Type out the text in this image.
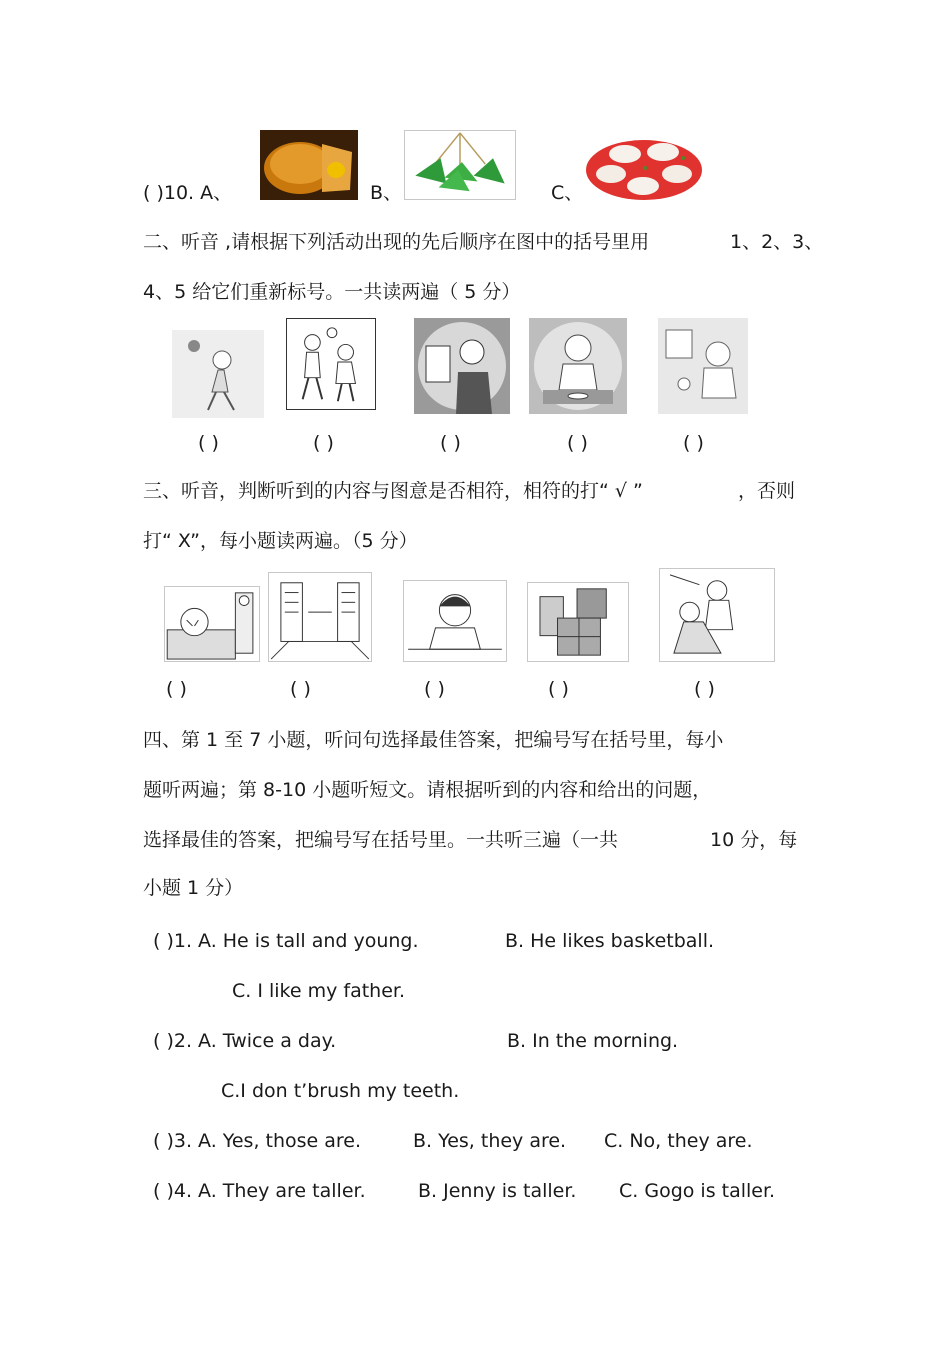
( )10. A、	B、	C、
二、听音 ,请根据下列活动出现的先后顺序在图中的括号里用	1、2、3、
4、5 给它们重新标号。一共读两遍（ 5 分）
( )	( )	( )	( )	( )
三、听音，判断听到的内容与图意是否相符，相符的打“ √ ”	，否则
打“ X”，每小题读两遍。（5 分）
( )	( )	( )	( )	( )
四、第 1 至 7 小题，听问句选择最佳答案，把编号写在括号里，每小
题听两遍；第 8-10 小题听短文。请根据听到的内容和给出的问题，
选择最佳的答案，把编号写在括号里。一共听三遍（一共	10 分，每
小题 1 分）
( )1. A. He is tall and young.	B. He likes basketball.
C. I like my father.
( )2. A. Twice a day.	B. In the morning.
C.I don t’brush my teeth.
( )3. A. Yes, those are.	B. Yes, they are. C. No, they are.
( )4. A. They are taller.	B. Jenny is taller. C. Gogo is taller.
